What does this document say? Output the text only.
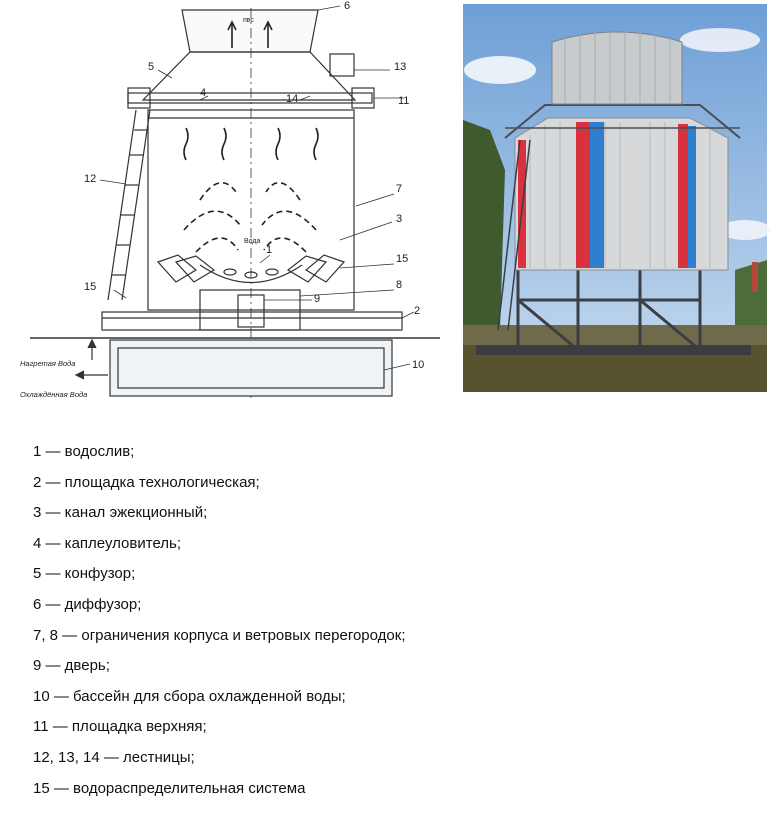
пвс
Вода
Нагретая Вода
Охлаждённая Вода
6
5	13
4	14	11
12
7
3
15
1
15	8
2
9
10
1 — водослив;
2 — площадка технологическая;
3 — канал эжекционный;
4 — каплеуловитель;
5 — конфузор;
6 — диффузор;
7, 8 — ограничения корпуса и ветровых перегородок;
9 — дверь;
10 — бассейн для сбора охлажденной воды;
11 — площадка верхняя;
12, 13, 14 — лестницы;
15 — водораспределительная система
